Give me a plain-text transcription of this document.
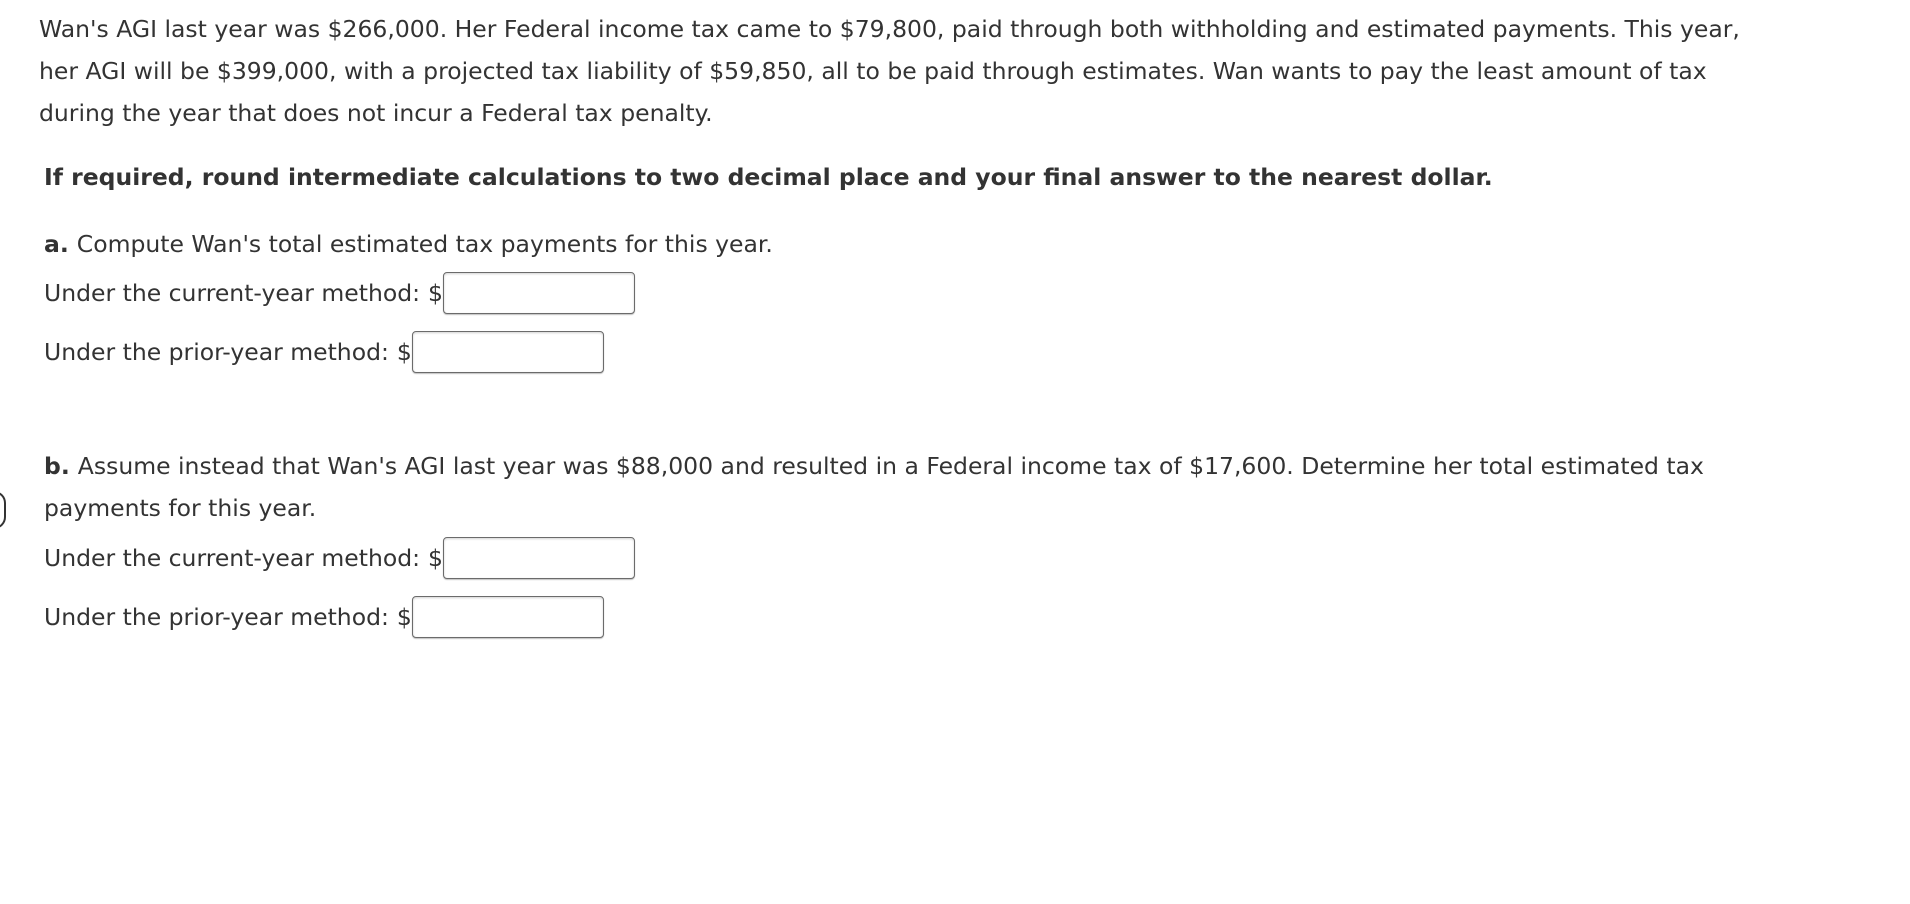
Wan's AGI last year was $266,000. Her Federal income tax came to $79,800, paid through both withholding and estimated payments. This year, her AGI will be $399,000, with a projected tax liability of $59,850, all to be paid through estimates. Wan wants to pay the least amount of tax during the year that does not incur a Federal tax penalty.

If required, round intermediate calculations to two decimal place and your final answer to the nearest dollar.

a. Compute Wan's total estimated tax payments for this year.

Under the current-year method: $
Under the prior-year method: $

b. Assume instead that Wan's AGI last year was $88,000 and resulted in a Federal income tax of $17,600. Determine her total estimated tax payments for this year.

Under the current-year method: $
Under the prior-year method: $
